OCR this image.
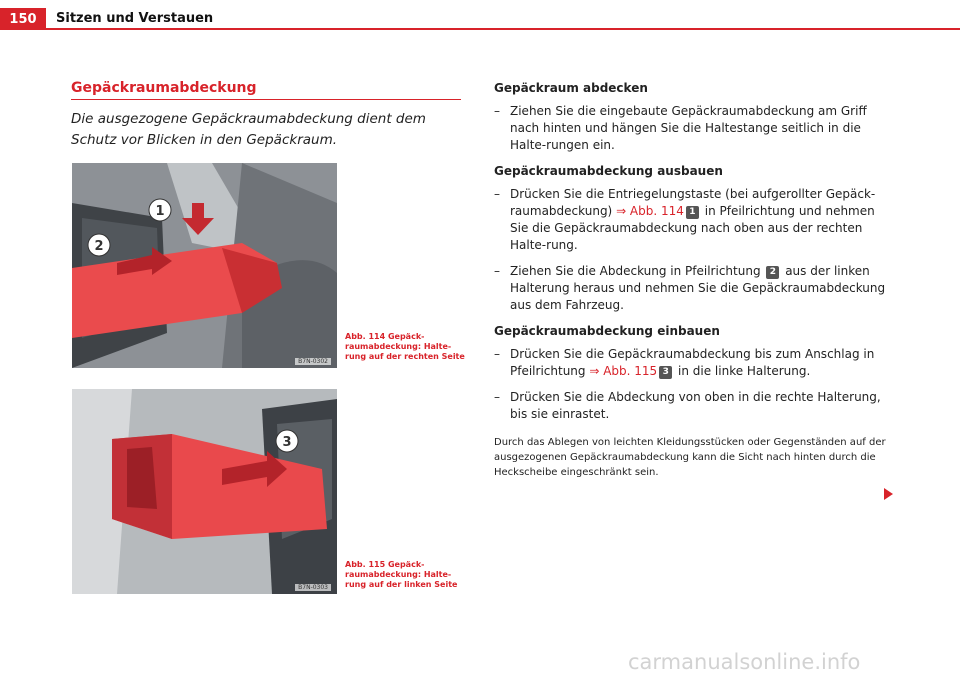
150 Sitzen und Verstauen
Gepäckraumabdeckung
Die ausgezogene Gepäckraumabdeckung dient dem Schutz vor Blicken in den Gepäckraum.
1
2
B7N-0302
Abb. 114 Gepäck-raumabdeckung: Halte-rung auf der rechten Seite
3
B7N-0303
Abb. 115 Gepäck-raumabdeckung: Halte-rung auf der linken Seite

Gepäckraum abdecken

– Ziehen Sie die eingebaute Gepäckraumabdeckung am Griff nach hinten und hängen Sie die Haltestange seitlich in die Halte-rungen ein.

Gepäckraumabdeckung ausbauen

– Drücken Sie die Entriegelungstaste (bei aufgerollter Gepäck-raumabdeckung) ⇒ Abb. 114 1 in Pfeilrichtung und nehmen Sie die Gepäckraumabdeckung nach oben aus der rechten Halte-rung.

– Ziehen Sie die Abdeckung in Pfeilrichtung 2 aus der linken Halterung heraus und nehmen Sie die Gepäckraumabdeckung aus dem Fahrzeug.

Gepäckraumabdeckung einbauen

– Drücken Sie die Gepäckraumabdeckung bis zum Anschlag in Pfeilrichtung ⇒ Abb. 115 3 in die linke Halterung.

– Drücken Sie die Abdeckung von oben in die rechte Halterung, bis sie einrastet.

Durch das Ablegen von leichten Kleidungsstücken oder Gegenständen auf der ausgezogenen Gepäckraumabdeckung kann die Sicht nach hinten durch die Heckscheibe eingeschränkt sein.

carmanualsonline.info
